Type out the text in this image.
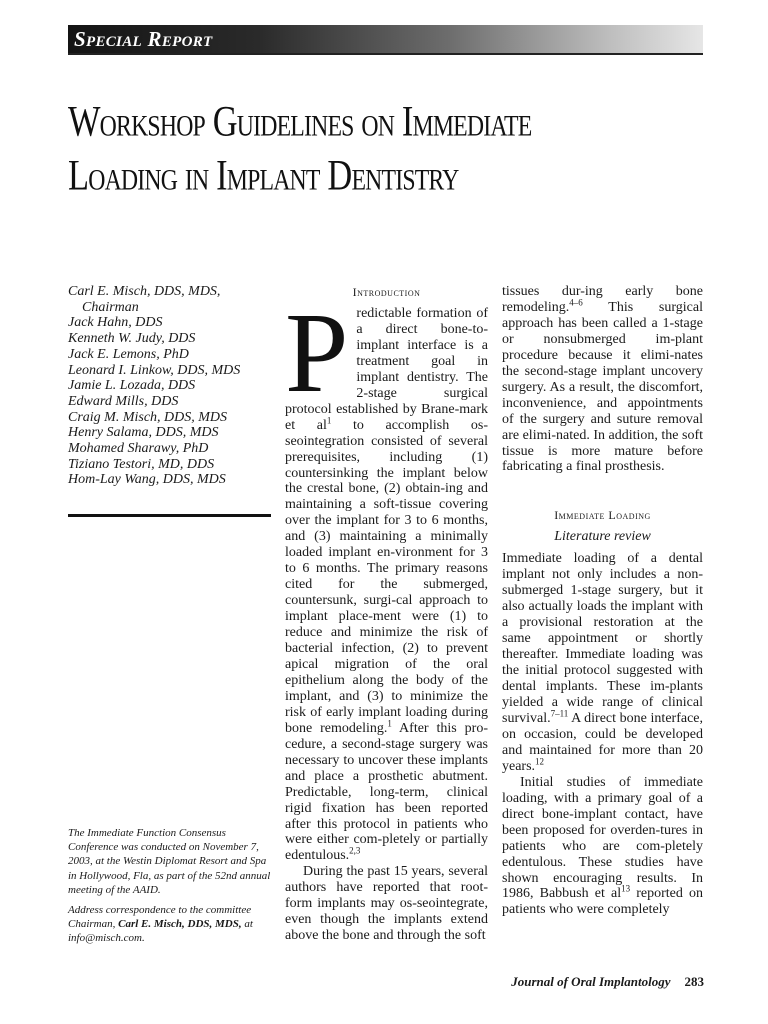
Special Report
Workshop Guidelines on Immediate
Loading in Implant Dentistry
Carl E. Misch, DDS, MDS,
Chairman
Jack Hahn, DDS
Kenneth W. Judy, DDS
Jack E. Lemons, PhD
Leonard I. Linkow, DDS, MDS
Jamie L. Lozada, DDS
Edward Mills, DDS
Craig M. Misch, DDS, MDS
Henry Salama, DDS, MDS
Mohamed Sharawy, PhD
Tiziano Testori, MD, DDS
Hom-Lay Wang, DDS, MDS

The Immediate Function Consensus Conference was conducted on November 7, 2003, at the Westin Diplomat Resort and Spa in Hollywood, Fla, as part of the 52nd annual meeting of the AAID.

Address correspondence to the committee Chairman, Carl E. Misch, DDS, MDS, at info@misch.com.

Introduction

Predictable formation of a direct bone-to-implant interface is a treatment goal in implant dentistry. The 2-stage surgical protocol established by Brane-mark et $al^1$ to accomplish os-seointegration consisted of several prerequisites, including (1) countersinking the implant below the crestal bone, (2) obtain-ing and maintaining a soft-tissue covering over the implant for 3 to 6 months, and (3) maintaining a minimally loaded implant en-vironment for 3 to 6 months. The primary reasons cited for the submerged, countersunk, surgi-cal approach to implant place-ment were (1) to reduce and minimize the risk of bacterial infection, (2) to prevent apical migration of the oral epithelium along the body of the implant, and (3) to minimize the risk of early implant loading during bone remodeling.$^1$ After this pro-cedure, a second-stage surgery was necessary to uncover these implants and place a prosthetic abutment. Predictable, long-term, clinical rigid fixation has been reported after this protocol in patients who were either com-pletely or partially edentulous.$^{2,3}$

During the past 15 years, several authors have reported that root-form implants may os-seointegrate, even though the implants extend above the bone and through the soft

tissues dur-ing early bone remodeling.$^{4-6}$ This surgical approach has been called a 1-stage or nonsubmerged im-plant procedure because it elimi-nates the second-stage implant uncovery surgery. As a result, the discomfort, inconvenience, and appointments of the surgery and suture removal are elimi-nated. In addition, the soft tissue is more mature before fabricating a final prosthesis.

Immediate Loading
Literature review

Immediate loading of a dental implant not only includes a non-submerged 1-stage surgery, but it also actually loads the implant with a provisional restoration at the same appointment or shortly thereafter. Immediate loading was the initial protocol suggested with dental implants. These im-plants yielded a wide range of clinical survival.$^{7-11}$ A direct bone interface, on occasion, could be developed and maintained for more than 20 years.$^{12}$

Initial studies of immediate loading, with a primary goal of a direct bone-implant contact, have been proposed for overden-tures in patients who are com-pletely edentulous. These studies have shown encouraging results. In 1986, Babbush et $al^{13}$ reported on patients who were completely

Journal of Oral Implantology 283
